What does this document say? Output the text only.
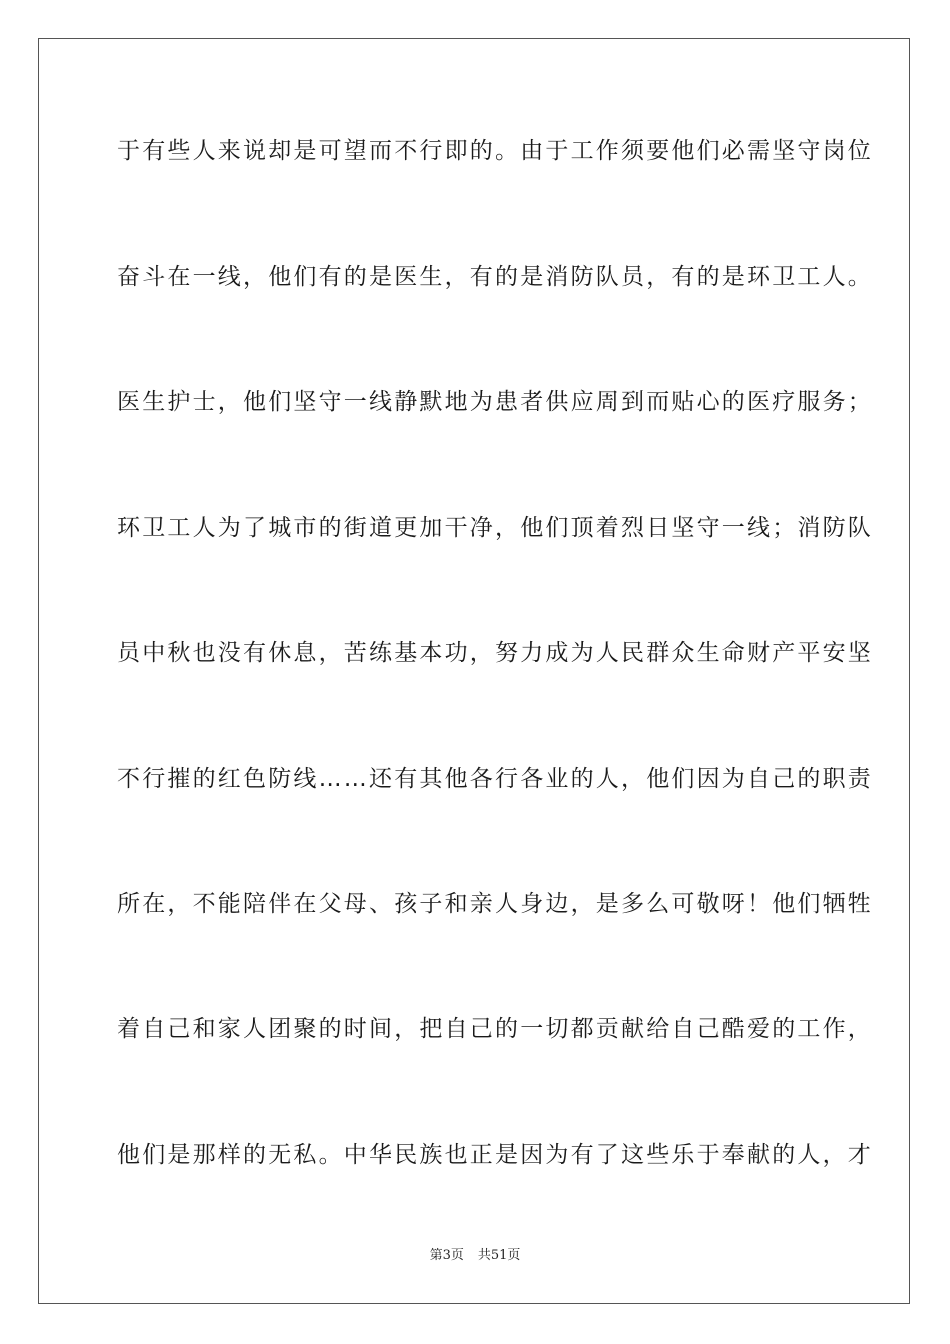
于有些人来说却是可望而不行即的。由于工作须要他们必需坚守岗位
奋斗在一线，他们有的是医生，有的是消防队员，有的是环卫工人。
医生护士，他们坚守一线静默地为患者供应周到而贴心的医疗服务；
环卫工人为了城市的街道更加干净，他们顶着烈日坚守一线；消防队
员中秋也没有休息，苦练基本功，努力成为人民群众生命财产平安坚
不行摧的红色防线……还有其他各行各业的人，他们因为自己的职责
所在，不能陪伴在父母、孩子和亲人身边，是多么可敬呀！他们牺牲
着自己和家人团聚的时间，把自己的一切都贡献给自己酷爱的工作，
他们是那样的无私。中华民族也正是因为有了这些乐于奉献的人，才
第3页 共51页
